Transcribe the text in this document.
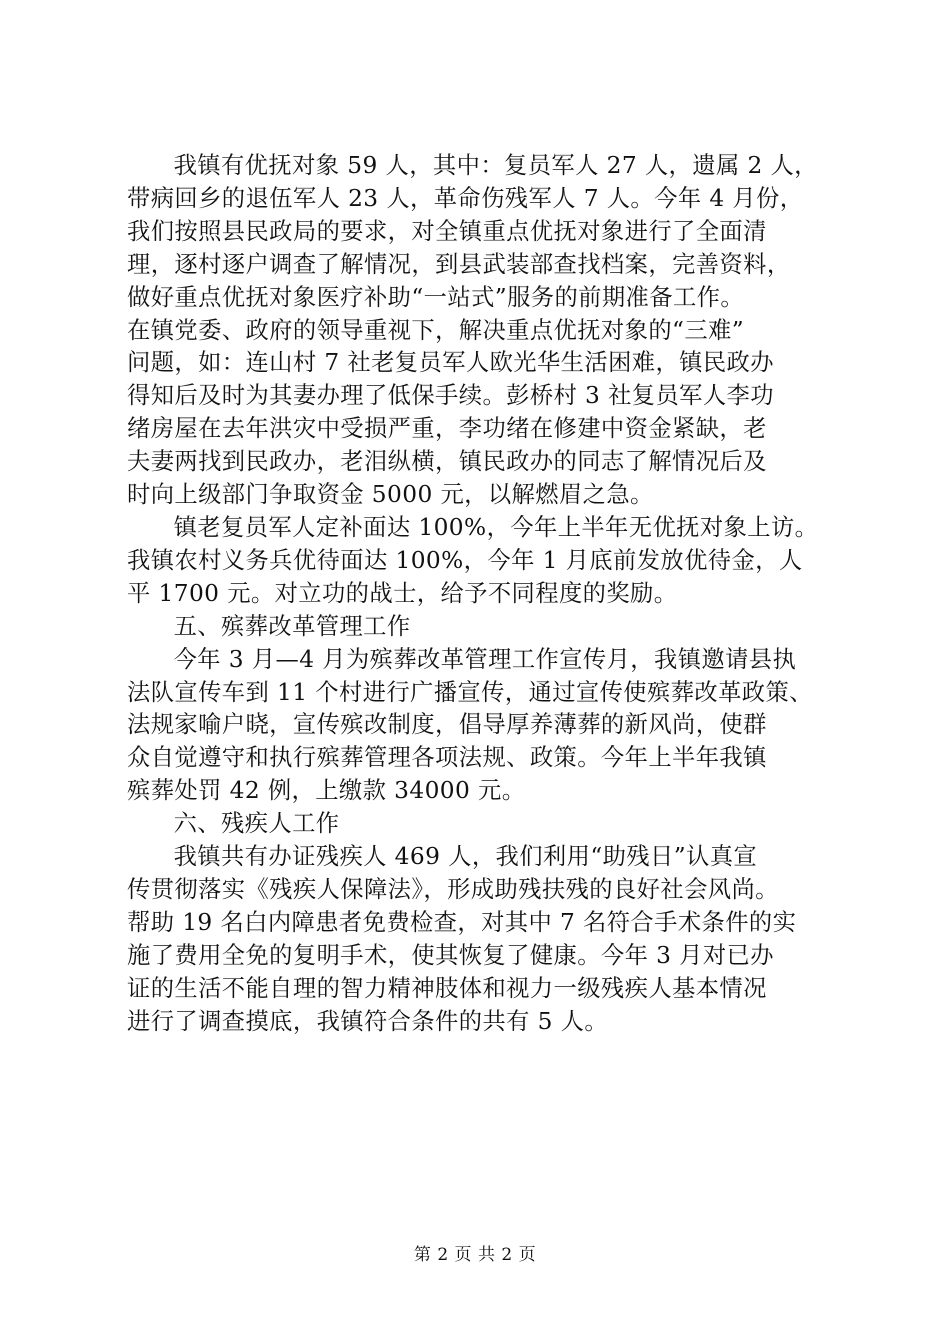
我镇有优抚对象 59 人，其中：复员军人 27 人，遗属 2 人，
带病回乡的退伍军人 23 人，革命伤残军人 7 人。今年 4 月份，
我们按照县民政局的要求，对全镇重点优抚对象进行了全面清
理，逐村逐户调查了解情况，到县武装部查找档案，完善资料，
做好重点优抚对象医疗补助“一站式”服务的前期准备工作。
在镇党委、政府的领导重视下，解决重点优抚对象的“三难”
问题，如：连山村 7 社老复员军人欧光华生活困难，镇民政办
得知后及时为其妻办理了低保手续。彭桥村 3 社复员军人李功
绪房屋在去年洪灾中受损严重，李功绪在修建中资金紧缺，老
夫妻两找到民政办，老泪纵横，镇民政办的同志了解情况后及
时向上级部门争取资金 5000 元，以解燃眉之急。

镇老复员军人定补面达 100%，今年上半年无优抚对象上访。
我镇农村义务兵优待面达 100%，今年 1 月底前发放优待金，人
平 1700 元。对立功的战士，给予不同程度的奖励。

五、殡葬改革管理工作

今年 3 月—4 月为殡葬改革管理工作宣传月，我镇邀请县执
法队宣传车到 11 个村进行广播宣传，通过宣传使殡葬改革政策、
法规家喻户晓，宣传殡改制度，倡导厚养薄葬的新风尚，使群
众自觉遵守和执行殡葬管理各项法规、政策。今年上半年我镇
殡葬处罚 42 例，上缴款 34000 元。

六、残疾人工作

我镇共有办证残疾人 469 人，我们利用“助残日”认真宣
传贯彻落实《残疾人保障法》，形成助残扶残的良好社会风尚。
帮助 19 名白内障患者免费检查，对其中 7 名符合手术条件的实
施了费用全免的复明手术，使其恢复了健康。今年 3 月对已办
证的生活不能自理的智力精神肢体和视力一级残疾人基本情况
进行了调查摸底，我镇符合条件的共有 5 人。

第 2 页 共 2 页
